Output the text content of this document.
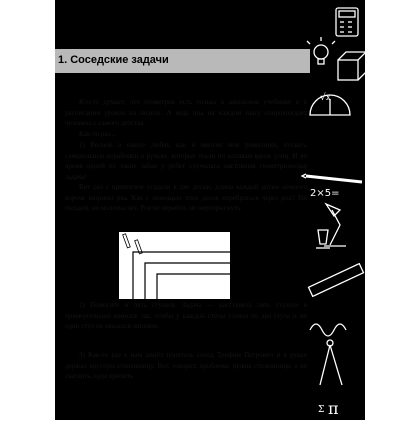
1. Соседские задачи

Кто-то думает, что геометрия есть только в школьном учебнике и в расписании уроков на неделе. А ведь она на каждом шагу сопровождает человека с самого детства.

Как-то раз...

1) Весной в школе любят, как и многие мои ровесники, пускать самодельные кораблики в ручьях, которые текли по канавам вдоль улиц. И во время одной из таких забав у ребят случилась настоящая геометрическая задача!

Вот раз с приятелем угадали в две доски, длина каждой доски немного короче ширины рва. Как с помощью этих досок перебраться через ров? Ни гвоздей, ни молотка нет. Ров не перейти, не перепрыгнуть.

2) Помогите в пять стульев. Задача — расставить пять стульев в прямоугольной комнате так, чтобы у каждой стены стояло по два стула и ни один стул не оказался лишним.

3) Как-то раз к нам зашёл приятель сосед Трофим Петрович и в руках держал круглую столешницу. Вот, говорит, проблема: нужна столешница, а не скатерть, куда крепить

√x
2×5=
Σ π
